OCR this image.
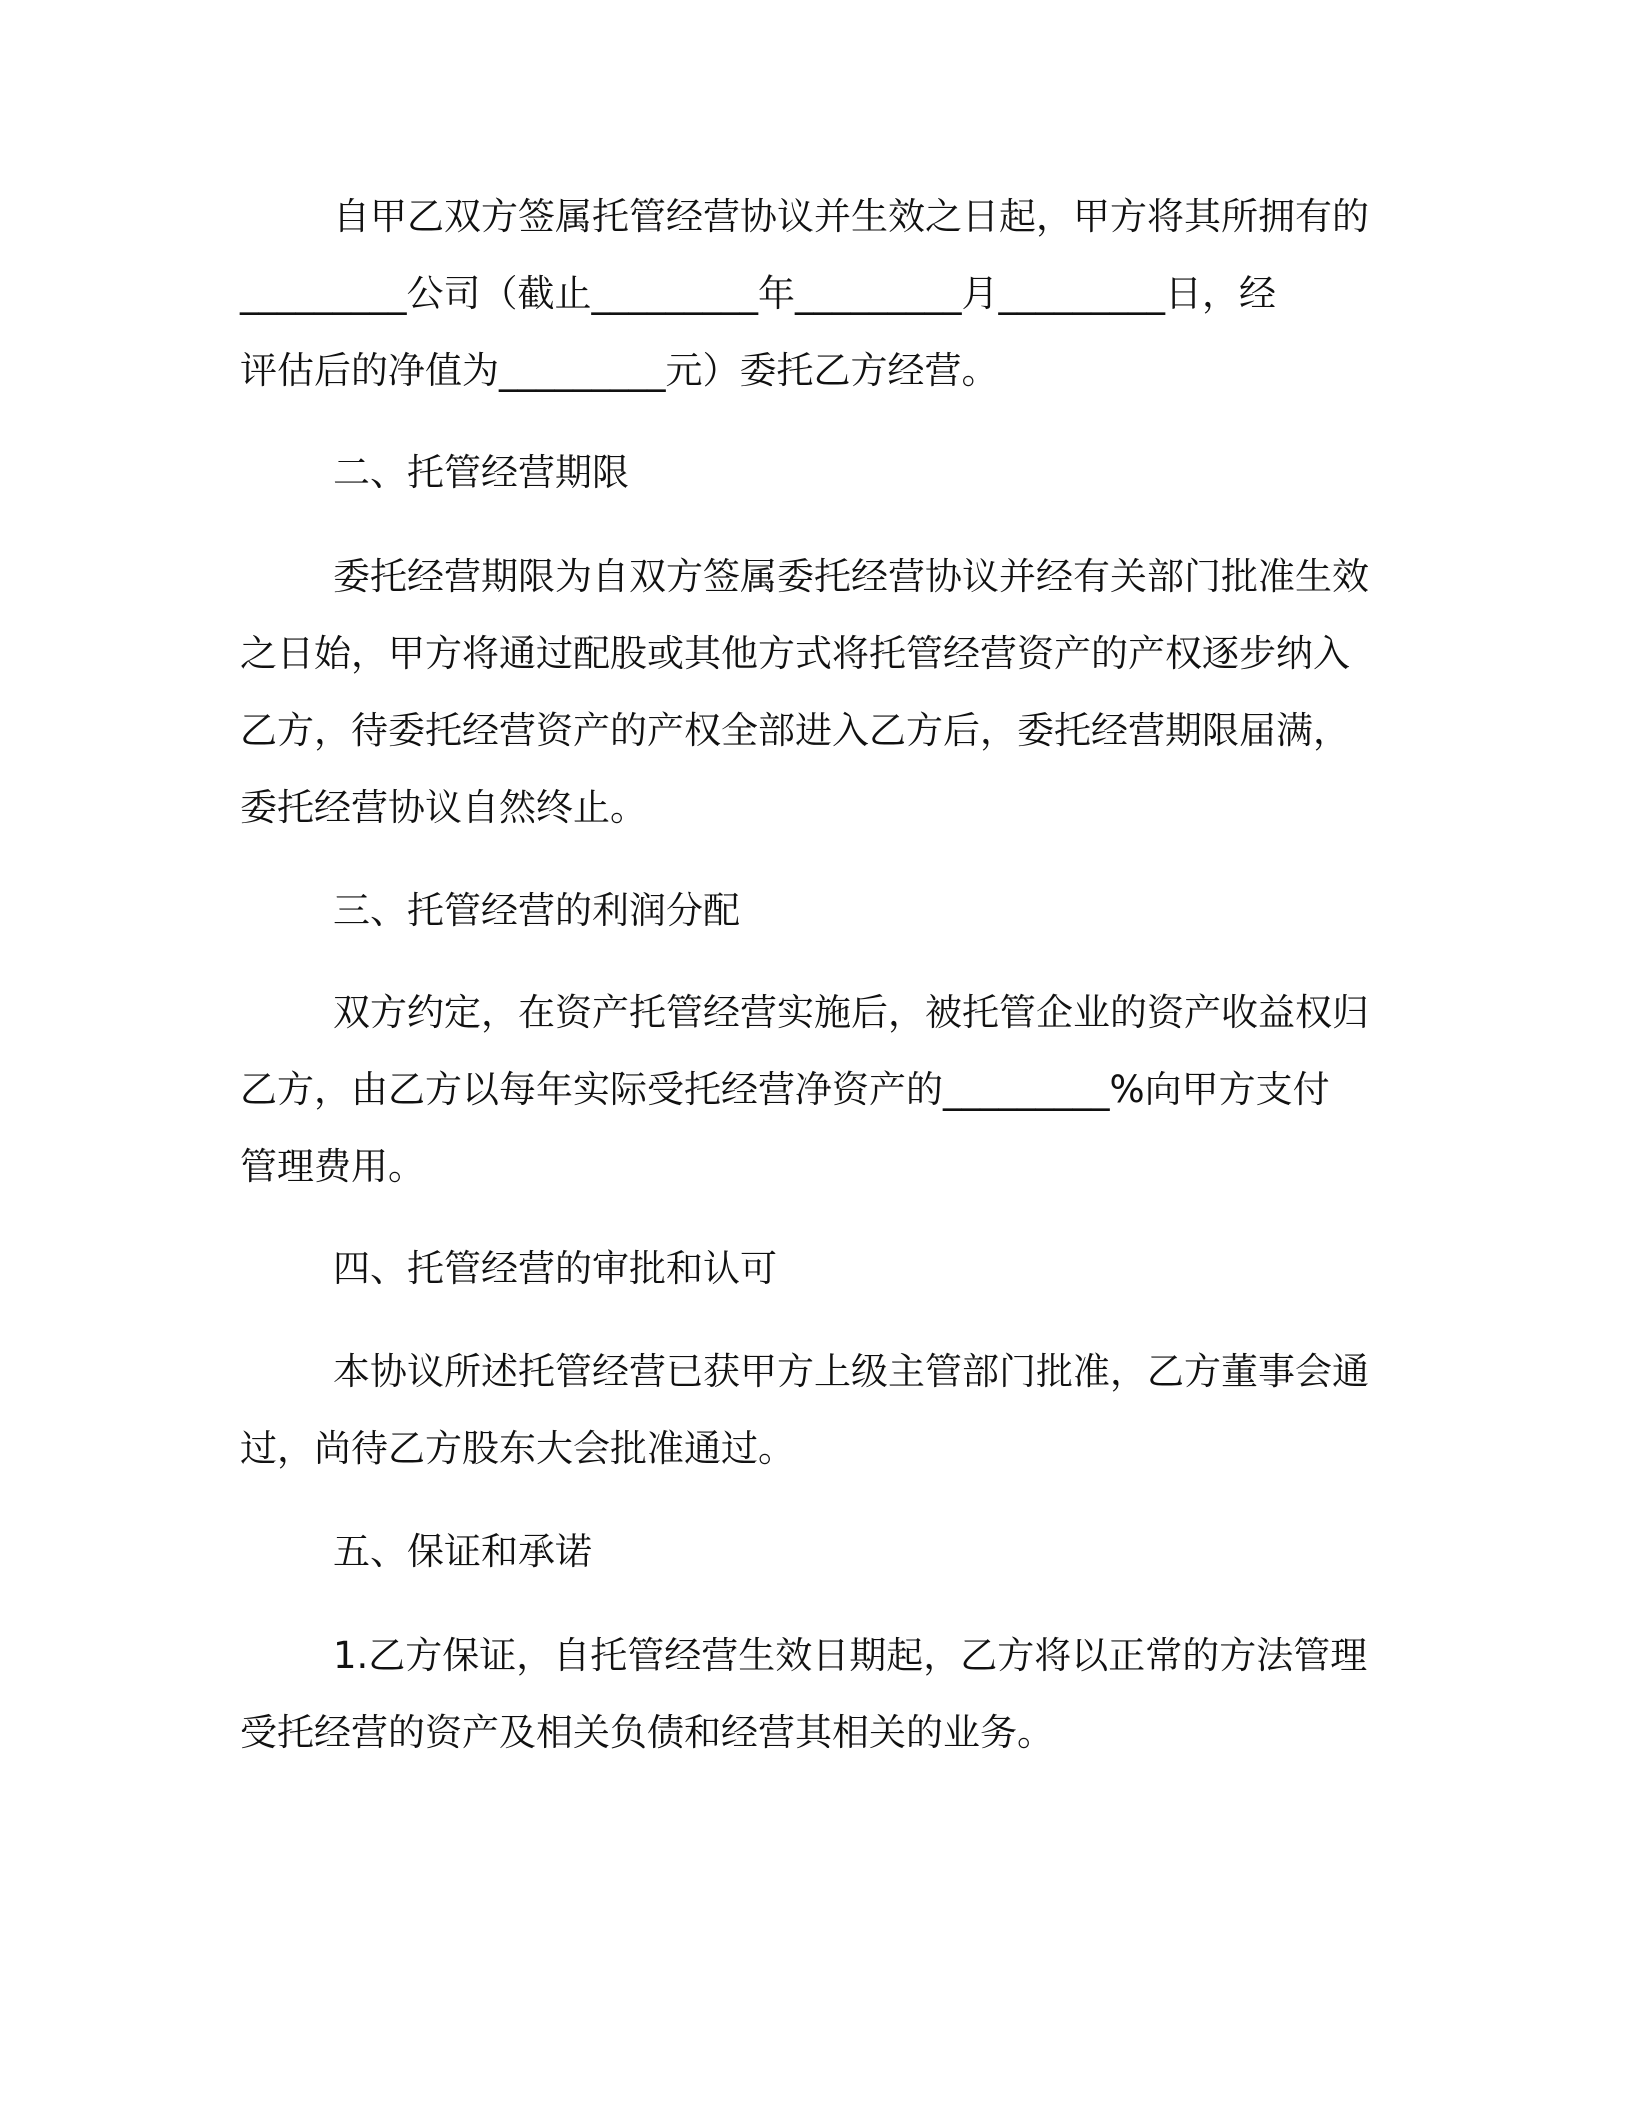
自甲乙双方签属托管经营协议并生效之日起，甲方将其所拥有的
_________公司（截止_________年_________月_________日，经
评估后的净值为_________元）委托乙方经营。
二、托管经营期限
委托经营期限为自双方签属委托经营协议并经有关部门批准生效
之日始，甲方将通过配股或其他方式将托管经营资产的产权逐步纳入
乙方，待委托经营资产的产权全部进入乙方后，委托经营期限届满，
委托经营协议自然终止。
三、托管经营的利润分配
双方约定，在资产托管经营实施后，被托管企业的资产收益权归
乙方，由乙方以每年实际受托经营净资产的_________%向甲方支付
管理费用。
四、托管经营的审批和认可
本协议所述托管经营已获甲方上级主管部门批准，乙方董事会通
过，尚待乙方股东大会批准通过。
五、保证和承诺
1.乙方保证，自托管经营生效日期起，乙方将以正常的方法管理
受托经营的资产及相关负债和经营其相关的业务。
